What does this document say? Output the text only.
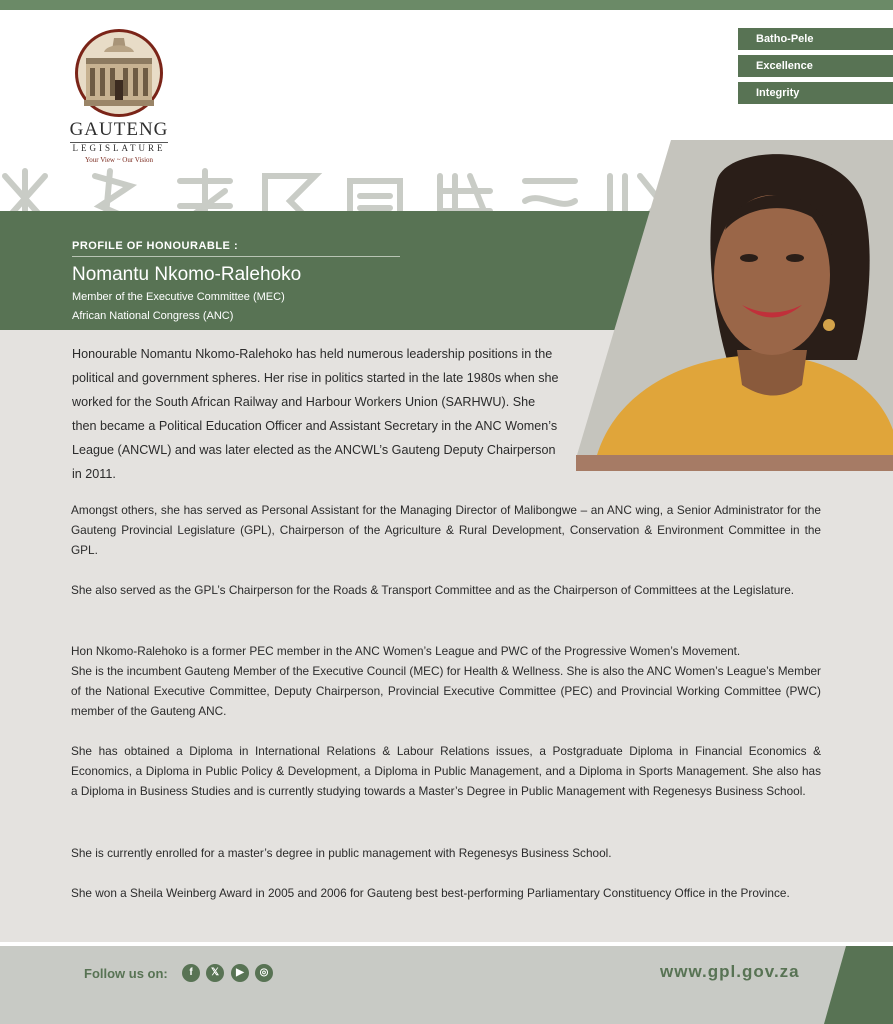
Batho-Pele
Excellence
Integrity
GAUTENG
LEGISLATURE
Your View ~ Our Vision
PROFILE OF HONOURABLE :
Nomantu Nkomo-Ralehoko
Member of the Executive Committee (MEC)
African National Congress (ANC)

Honourable Nomantu Nkomo-Ralehoko has held numerous leadership positions in the political and government spheres. Her rise in politics started in the late 1980s when she worked for the South African Railway and Harbour Workers Union (SARHWU). She then became a Political Education Officer and Assistant Secretary in the ANC Women’s League (ANCWL) and was later elected as the ANCWL’s Gauteng Deputy Chairperson in 2011.

Amongst others, she has served as Personal Assistant for the Managing Director of Malibongwe – an ANC wing, a Senior Administrator for the Gauteng Provincial Legislature (GPL), Chairperson of the Agriculture & Rural Development, Conservation & Environment Committee in the GPL.

She also served as the GPL’s Chairperson for the Roads & Transport Committee and as the Chairperson of Committees at the Legislature.

Hon Nkomo-Ralehoko is a former PEC member in the ANC Women’s League and PWC of the Progressive Women’s Movement.

She is the incumbent Gauteng Member of the Executive Council (MEC) for Health & Wellness. She is also the ANC Women’s League’s Member of the National Executive Committee, Deputy Chairperson, Provincial Executive Committee (PEC) and Provincial Working Committee (PWC) member of the Gauteng ANC.

She has obtained a Diploma in International Relations & Labour Relations issues, a Postgraduate Diploma in Financial Economics & Economics, a Diploma in Public Policy & Development, a Diploma in Public Management, and a Diploma in Sports Management. She also has a Diploma in Business Studies and is currently studying towards a Master’s Degree in Public Management with Regenesys Business School.

She is currently enrolled for a master’s degree in public management with Regenesys Business School.

She won a Sheila Weinberg Award in 2005 and 2006 for Gauteng best best-performing Parliamentary Constituency Office in the Province.

Follow us on:	f	𝕏	▶	◎	www.gpl.gov.za
